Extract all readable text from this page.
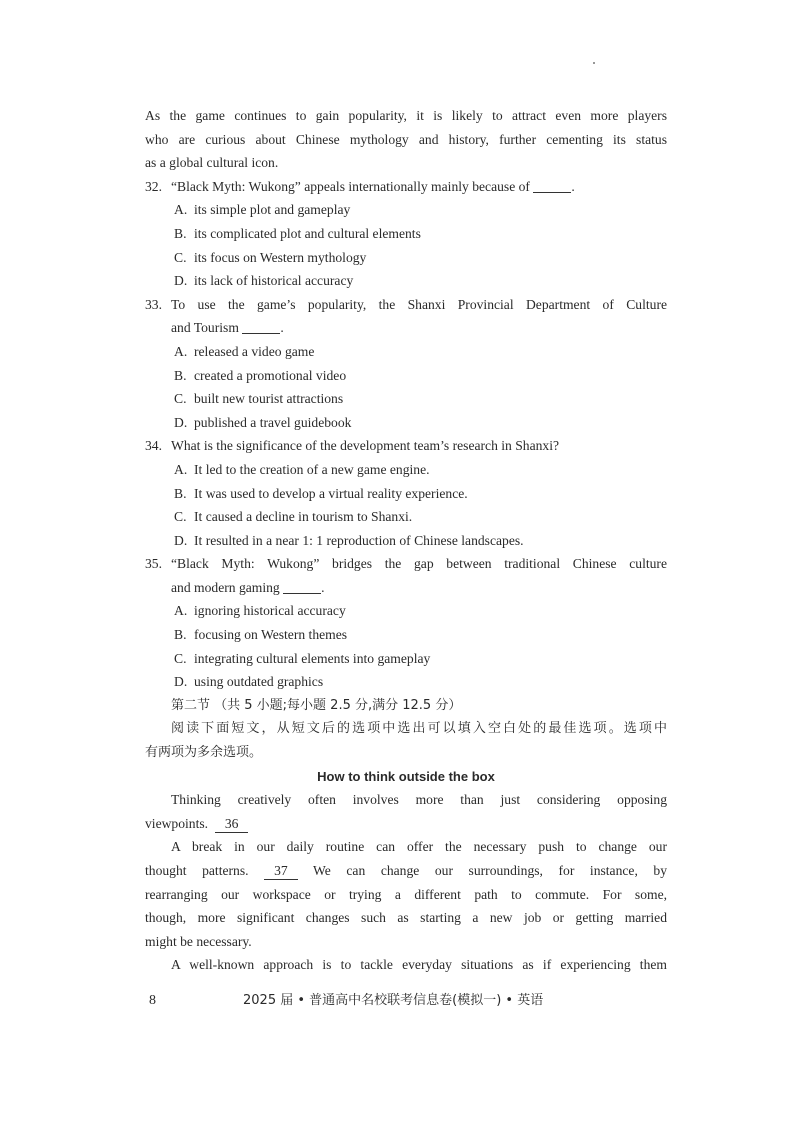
As the game continues to gain popularity, it is likely to attract even more players
who are curious about Chinese mythology and history, further cementing its status
as a global cultural icon.
32. “Black Myth: Wukong” appeals internationally mainly because of	.
A. its simple plot and gameplay
B. its complicated plot and cultural elements
C. its focus on Western mythology
D. its lack of historical accuracy
33. To use the game’s popularity, the Shanxi Provincial Department of Culture
and Tourism	.
A. released a video game
B. created a promotional video
C. built new tourist attractions
D. published a travel guidebook
34. What is the significance of the development team’s research in Shanxi?
A. It led to the creation of a new game engine.
B. It was used to develop a virtual reality experience.
C. It caused a decline in tourism to Shanxi.
D. It resulted in a near 1: 1 reproduction of Chinese landscapes.
35. “Black Myth: Wukong” bridges the gap between traditional Chinese culture
and modern gaming	.
A. ignoring historical accuracy
B. focusing on Western themes
C. integrating cultural elements into gameplay
D. using outdated graphics
第二节 （共 5 小题;每小题 2.5 分,满分 12.5 分）
阅读下面短文，从短文后的选项中选出可以填入空白处的最佳选项。选项中
有两项为多余选项。
How to think outside the box
Thinking creatively often involves more than just considering opposing
viewpoints. 36
A break in our daily routine can offer the necessary push to change our
thought patterns. 37 We can change our surroundings, for instance, by
rearranging our workspace or trying a different path to commute. For some,
though, more significant changes such as starting a new job or getting married
might be necessary.
A well-known approach is to tackle everyday situations as if experiencing them
8	2025 届 • 普通高中名校联考信息卷(模拟一) • 英语
